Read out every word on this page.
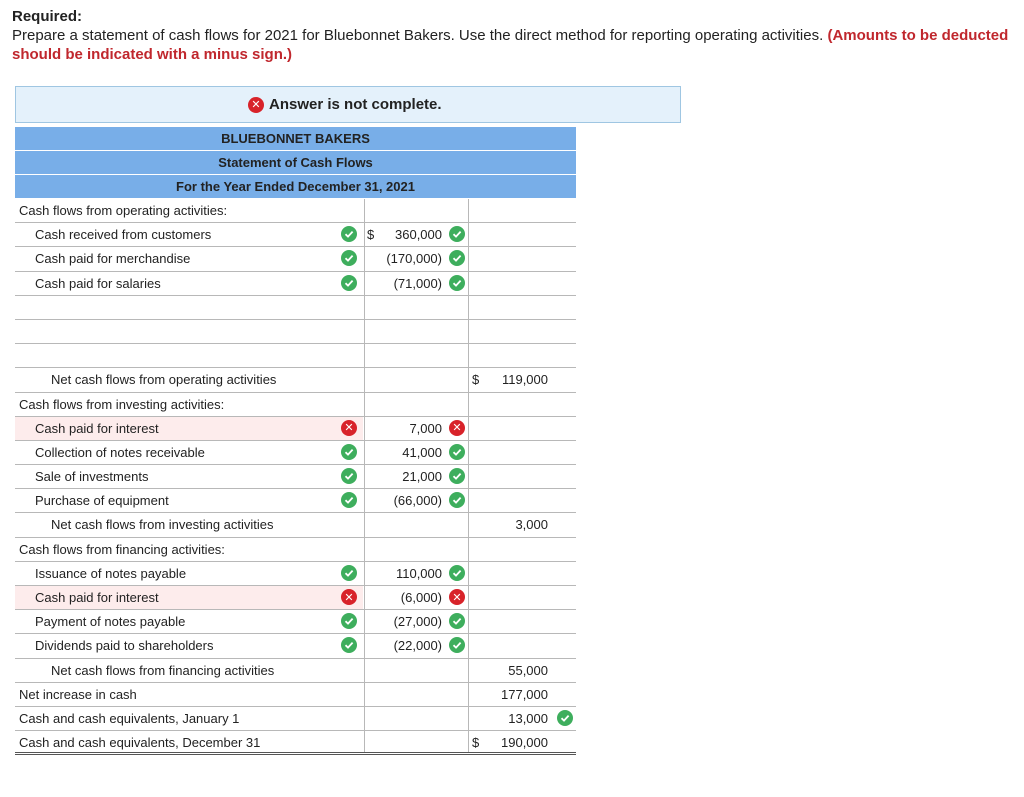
Required:
Prepare a statement of cash flows for 2021 for Bluebonnet Bakers. Use the direct method for reporting operating activities. (Amounts to be deducted should be indicated with a minus sign.)
✕ Answer is not complete.
BLUEBONNET BAKERS
Statement of Cash Flows
For the Year Ended December 31, 2021
Cash flows from operating activities:
Cash received from customers	$ 360,000
Cash paid for merchandise	(170,000)
Cash paid for salaries	(71,000)
Net cash flows from operating activities	$ 119,000
Cash flows from investing activities:
Cash paid for interest	✕	7,000 ✕
Collection of notes receivable	41,000
Sale of investments	21,000
Purchase of equipment	(66,000)
Net cash flows from investing activities	3,000
Cash flows from financing activities:
Issuance of notes payable	110,000
Cash paid for interest	✕	(6,000) ✕
Payment of notes payable	(27,000)
Dividends paid to shareholders	(22,000)
Net cash flows from financing activities	55,000
Net increase in cash	177,000
Cash and cash equivalents, January 1	13,000
Cash and cash equivalents, December 31	$ 190,000
